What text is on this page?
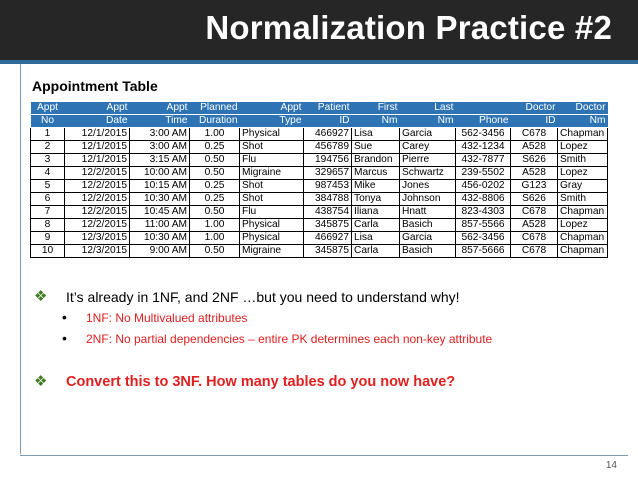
Normalization Practice #2
Appointment Table
Appt	Appt	Appt	Planned	Appt	Patient	First	Last		Doctor	Doctor
No	Date	Time	Duration	Type	ID	Nm	Nm	Phone	ID	Nm
1	12/1/2015	3:00 AM	1.00	Physical	466927	Lisa	Garcia	562-3456	C678	Chapman
2	12/1/2015	3:00 AM	0.25	Shot	456789	Sue	Carey	432-1234	A528	Lopez
3	12/1/2015	3:15 AM	0.50	Flu	194756	Brandon	Pierre	432-7877	S626	Smith
4	12/2/2015	10:00 AM	0.50	Migraine	329657	Marcus	Schwartz	239-5502	A528	Lopez
5	12/2/2015	10:15 AM	0.25	Shot	987453	Mike	Jones	456-0202	G123	Gray
6	12/2/2015	10:30 AM	0.25	Shot	384788	Tonya	Johnson	432-8806	S626	Smith
7	12/2/2015	10:45 AM	0.50	Flu	438754	Iliana	Hnatt	823-4303	C678	Chapman
8	12/2/2015	11:00 AM	1.00	Physical	345875	Carla	Basich	857-5566	A528	Lopez
9	12/3/2015	10:30 AM	1.00	Physical	466927	Lisa	Garcia	562-3456	C678	Chapman
10	12/3/2015	9:00 AM	0.50	Migraine	345875	Carla	Basich	857-5666	C678	Chapman
❖ It’s already in 1NF, and 2NF …but you need to understand why!
• 1NF: No Multivalued attributes
• 2NF: No partial dependencies – entire PK determines each non-key attribute
❖ Convert this to 3NF. How many tables do you now have?
14
